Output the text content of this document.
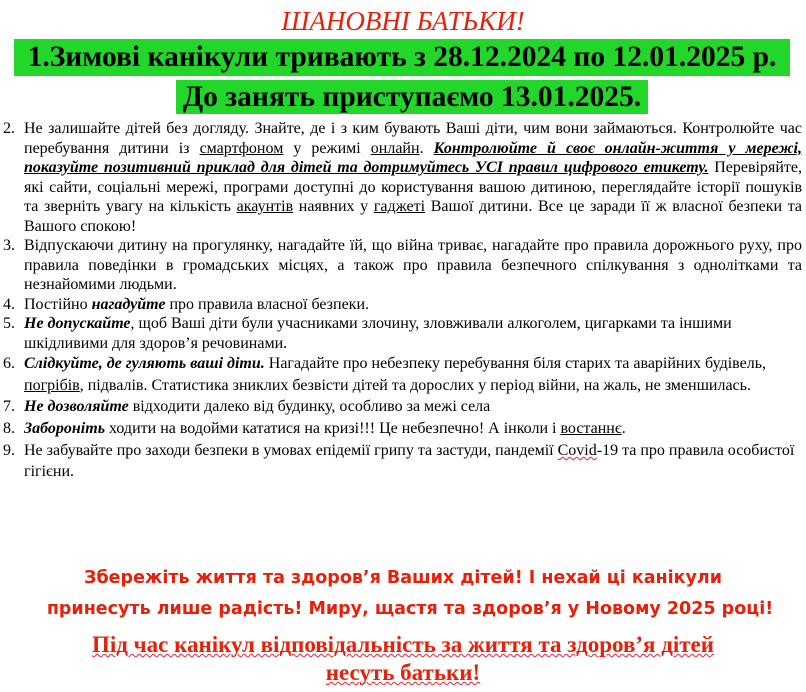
ШАНОВНІ БАТЬКИ!
1.Зимові канікули тривають з 28.12.2024 по 12.01.2025 р.
До занять приступаємо 13.01.2025.
2. Не залишайте дітей без догляду. Знайте, де і з ким бувають Ваші діти, чим вони займаються. Контролюйте час перебування дитини із смартфоном у режимі онлайн. Контролюйте й своє онлайн-життя у мережі, показуйте позитивний приклад для дітей та дотримуйтесь УСІ правил цифрового етикету. Перевіряйте, які сайти, соціальні мережі, програми доступні до користування вашою дитиною, переглядайте історії пошуків та зверніть увагу на кількість акаунтів наявних у гаджеті Вашої дитини. Все це заради її ж власної безпеки та Вашого спокою!
3. Відпускаючи дитину на прогулянку, нагадайте їй, що війна триває, нагадайте про правила дорожнього руху, про правила поведінки в громадських місцях, а також про правила безпечного спілкування з однолітками та незнайомими людьми.
4. Постійно нагадуйте про правила власної безпеки.
5. Не допускайте, щоб Ваші діти були учасниками злочину, зловживали алкоголем, цигарками та іншими шкідливими для здоров’я речовинами.
6. Слідкуйте, де гуляють ваші діти. Нагадайте про небезпеку перебування біля старих та аварійних будівель, погрібів, підвалів. Статистика зниклих безвісти дітей та дорослих у період війни, на жаль, не зменшилась.
7. Не дозволяйте відходити далеко від будинку, особливо за межі села
8. Заборонiть ходити на водойми кататися на кризі!!! Це небезпечно! А інколи і востаннє.
9. Не забувайте про заходи безпеки в умовах епідемії грипу та застуди, пандемії Covid-19 та про правила особистої гігієни.
Збережіть життя та здоров’я Ваших дітей! І нехай ці канікули
принесуть лише радість! Миру, щастя та здоров’я у Новому 2025 році!
Під час канікул відповідальність за життя та здоров’я дітей
несуть батьки!
